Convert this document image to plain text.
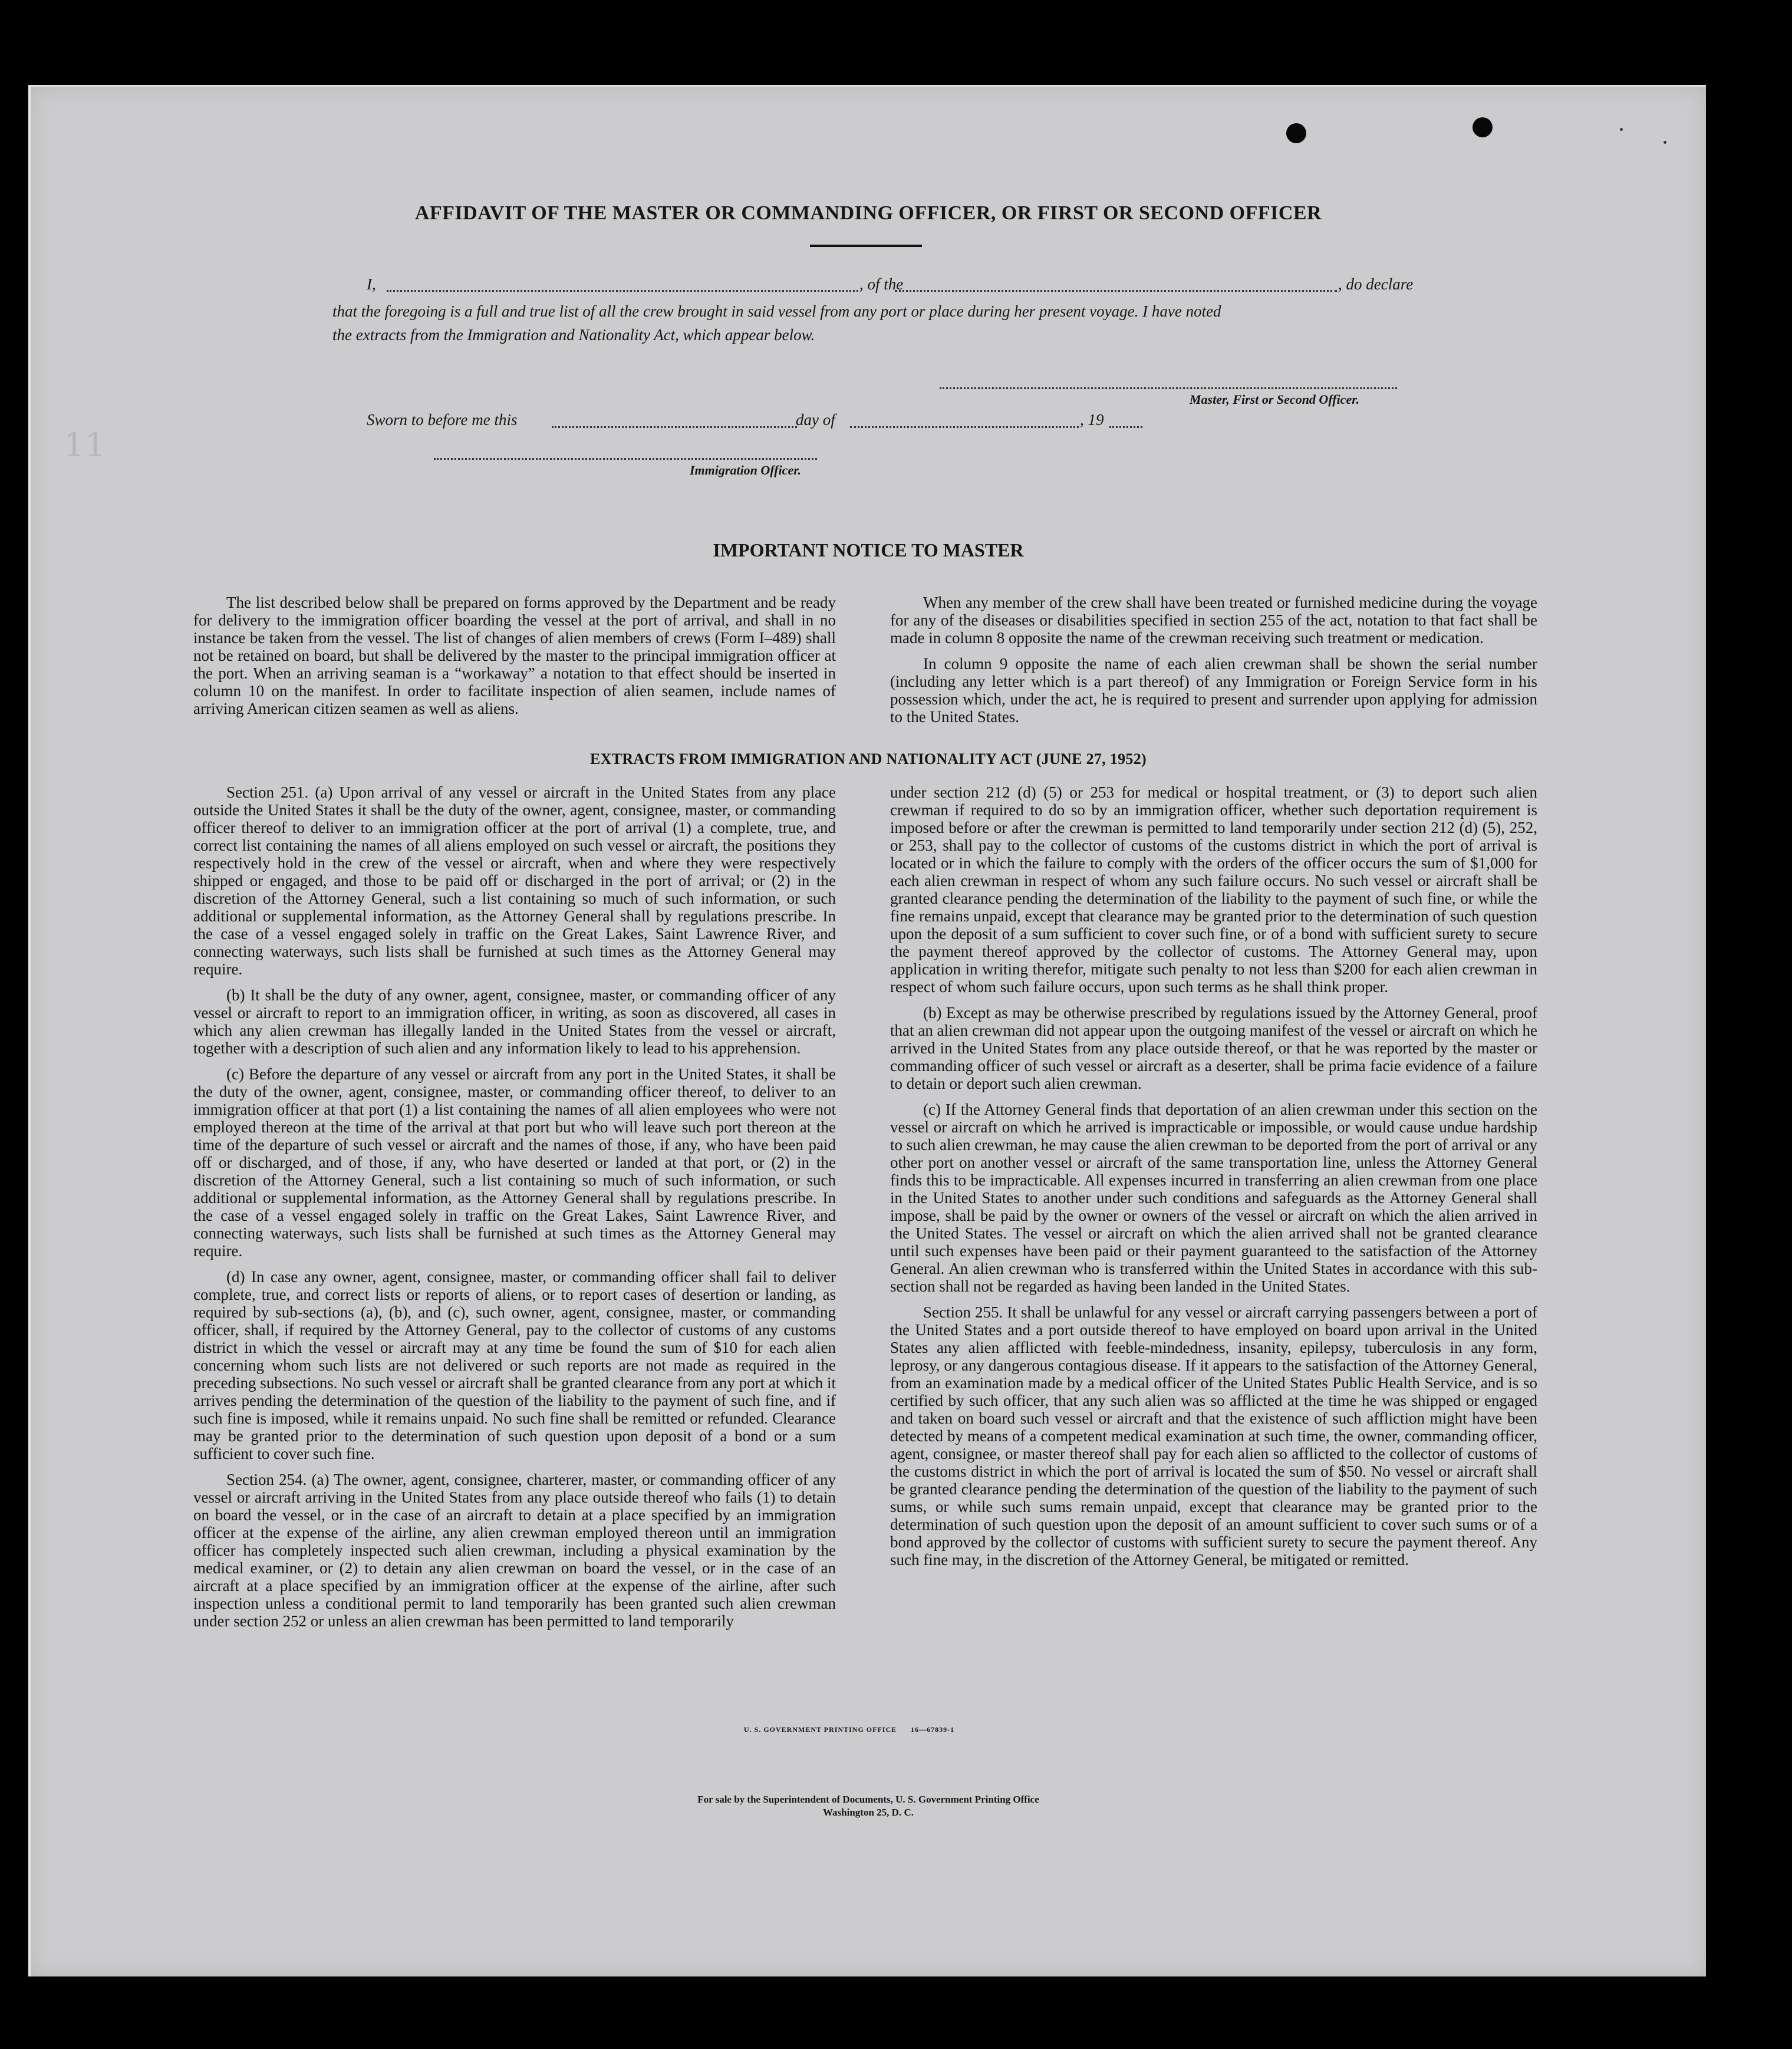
11
AFFIDAVIT OF THE MASTER OR COMMANDING OFFICER, OR FIRST OR SECOND OFFICER
I,	, of the	, do declare
that the foregoing is a full and true list of all the crew brought in said vessel from any port or place during her present voyage. I have noted
the extracts from the Immigration and Nationality Act, which appear below.
Master, First or Second Officer.
Sworn to before me this	day of	, 19
Immigration Officer.
IMPORTANT NOTICE TO MASTER

The list described below shall be prepared on forms approved by the Department and be ready for delivery to the immigration officer boarding the vessel at the port of arrival, and shall in no instance be taken from the vessel. The list of changes of alien members of crews (Form I–489) shall not be retained on board, but shall be delivered by the master to the principal immigration officer at the port. When an arriving seaman is a “workaway” a notation to that effect should be inserted in column 10 on the manifest. In order to facilitate inspection of alien seamen, include names of arriving American citizen seamen as well as aliens.

When any member of the crew shall have been treated or furnished medicine during the voyage for any of the diseases or disabilities specified in section 255 of the act, notation to that fact shall be made in column 8 opposite the name of the crewman receiving such treatment or medication.

In column 9 opposite the name of each alien crewman shall be shown the serial number (including any letter which is a part thereof) of any Immigration or Foreign Service form in his possession which, under the act, he is required to present and surrender upon applying for admission to the United States.

EXTRACTS FROM IMMIGRATION AND NATIONALITY ACT (JUNE 27, 1952)

Section 251. (a) Upon arrival of any vessel or aircraft in the United States from any place outside the United States it shall be the duty of the owner, agent, consignee, master, or commanding officer thereof to deliver to an immigration officer at the port of arrival (1) a complete, true, and correct list containing the names of all aliens employed on such vessel or aircraft, the positions they respectively hold in the crew of the vessel or aircraft, when and where they were respectively shipped or engaged, and those to be paid off or discharged in the port of arrival; or (2) in the discretion of the Attorney General, such a list containing so much of such information, or such additional or supplemental information, as the Attorney General shall by regulations prescribe. In the case of a vessel engaged solely in traffic on the Great Lakes, Saint Lawrence River, and connecting waterways, such lists shall be furnished at such times as the Attorney General may require.

(b) It shall be the duty of any owner, agent, consignee, master, or commanding officer of any vessel or aircraft to report to an immigration officer, in writing, as soon as discovered, all cases in which any alien crewman has illegally landed in the United States from the vessel or aircraft, together with a description of such alien and any information likely to lead to his apprehension.

(c) Before the departure of any vessel or aircraft from any port in the United States, it shall be the duty of the owner, agent, consignee, master, or commanding officer thereof, to deliver to an immigration officer at that port (1) a list containing the names of all alien employees who were not employed thereon at the time of the arrival at that port but who will leave such port thereon at the time of the departure of such vessel or aircraft and the names of those, if any, who have been paid off or discharged, and of those, if any, who have deserted or landed at that port, or (2) in the discretion of the Attorney General, such a list containing so much of such information, or such additional or supplemental information, as the Attorney General shall by regulations prescribe. In the case of a vessel engaged solely in traffic on the Great Lakes, Saint Lawrence River, and connecting waterways, such lists shall be furnished at such times as the Attorney General may require.

(d) In case any owner, agent, consignee, master, or commanding officer shall fail to deliver complete, true, and correct lists or reports of aliens, or to report cases of desertion or landing, as required by sub-sections (a), (b), and (c), such owner, agent, consignee, master, or commanding officer, shall, if required by the Attorney General, pay to the collector of customs of any customs district in which the vessel or aircraft may at any time be found the sum of $10 for each alien concerning whom such lists are not delivered or such reports are not made as required in the preceding subsections. No such vessel or aircraft shall be granted clearance from any port at which it arrives pending the determination of the question of the liability to the payment of such fine, and if such fine is imposed, while it remains unpaid. No such fine shall be remitted or refunded. Clearance may be granted prior to the determination of such question upon deposit of a bond or a sum sufficient to cover such fine.

Section 254. (a) The owner, agent, consignee, charterer, master, or commanding officer of any vessel or aircraft arriving in the United States from any place outside thereof who fails (1) to detain on board the vessel, or in the case of an aircraft to detain at a place specified by an immigration officer at the expense of the airline, any alien crewman employed thereon until an immigration officer has completely inspected such alien crewman, including a physical examination by the medical examiner, or (2) to detain any alien crewman on board the vessel, or in the case of an aircraft at a place specified by an immigration officer at the expense of the airline, after such inspection unless a conditional permit to land temporarily has been granted such alien crewman under section 252 or unless an alien crewman has been permitted to land temporarily

under section 212 (d) (5) or 253 for medical or hospital treatment, or (3) to deport such alien crewman if required to do so by an immigration officer, whether such deportation requirement is imposed before or after the crewman is permitted to land temporarily under section 212 (d) (5), 252, or 253, shall pay to the collector of customs of the customs district in which the port of arrival is located or in which the failure to comply with the orders of the officer occurs the sum of $1,000 for each alien crewman in respect of whom any such failure occurs. No such vessel or aircraft shall be granted clearance pending the determination of the liability to the payment of such fine, or while the fine remains unpaid, except that clearance may be granted prior to the determination of such question upon the deposit of a sum sufficient to cover such fine, or of a bond with sufficient surety to secure the payment thereof approved by the collector of customs. The Attorney General may, upon application in writing therefor, mitigate such penalty to not less than $200 for each alien crewman in respect of whom such failure occurs, upon such terms as he shall think proper.

(b) Except as may be otherwise prescribed by regulations issued by the Attorney General, proof that an alien crewman did not appear upon the outgoing manifest of the vessel or aircraft on which he arrived in the United States from any place outside thereof, or that he was reported by the master or commanding officer of such vessel or aircraft as a deserter, shall be prima facie evidence of a failure to detain or deport such alien crewman.

(c) If the Attorney General finds that deportation of an alien crewman under this section on the vessel or aircraft on which he arrived is impracticable or impossible, or would cause undue hardship to such alien crewman, he may cause the alien crewman to be deported from the port of arrival or any other port on another vessel or aircraft of the same transportation line, unless the Attorney General finds this to be impracticable. All expenses incurred in transferring an alien crewman from one place in the United States to another under such conditions and safeguards as the Attorney General shall impose, shall be paid by the owner or owners of the vessel or aircraft on which the alien arrived in the United States. The vessel or aircraft on which the alien arrived shall not be granted clearance until such expenses have been paid or their payment guaranteed to the satisfaction of the Attorney General. An alien crewman who is transferred within the United States in accordance with this sub-section shall not be regarded as having been landed in the United States.

Section 255. It shall be unlawful for any vessel or aircraft carrying passengers between a port of the United States and a port outside thereof to have employed on board upon arrival in the United States any alien afflicted with feeble-mindedness, insanity, epilepsy, tuberculosis in any form, leprosy, or any dangerous contagious disease. If it appears to the satisfaction of the Attorney General, from an examination made by a medical officer of the United States Public Health Service, and is so certified by such officer, that any such alien was so afflicted at the time he was shipped or engaged and taken on board such vessel or aircraft and that the existence of such affliction might have been detected by means of a competent medical examination at such time, the owner, commanding officer, agent, consignee, or master thereof shall pay for each alien so afflicted to the collector of customs of the customs district in which the port of arrival is located the sum of $50. No vessel or aircraft shall be granted clearance pending the determination of the question of the liability to the payment of such sums, or while such sums remain unpaid, except that clearance may be granted prior to the determination of such question upon the deposit of an amount sufficient to cover such sums or of a bond approved by the collector of customs with sufficient surety to secure the payment thereof. Any such fine may, in the discretion of the Attorney General, be mitigated or remitted.

U. S. GOVERNMENT PRINTING OFFICE      16—67839-1
For sale by the Superintendent of Documents, U. S. Government Printing Office
Washington 25, D. C.
